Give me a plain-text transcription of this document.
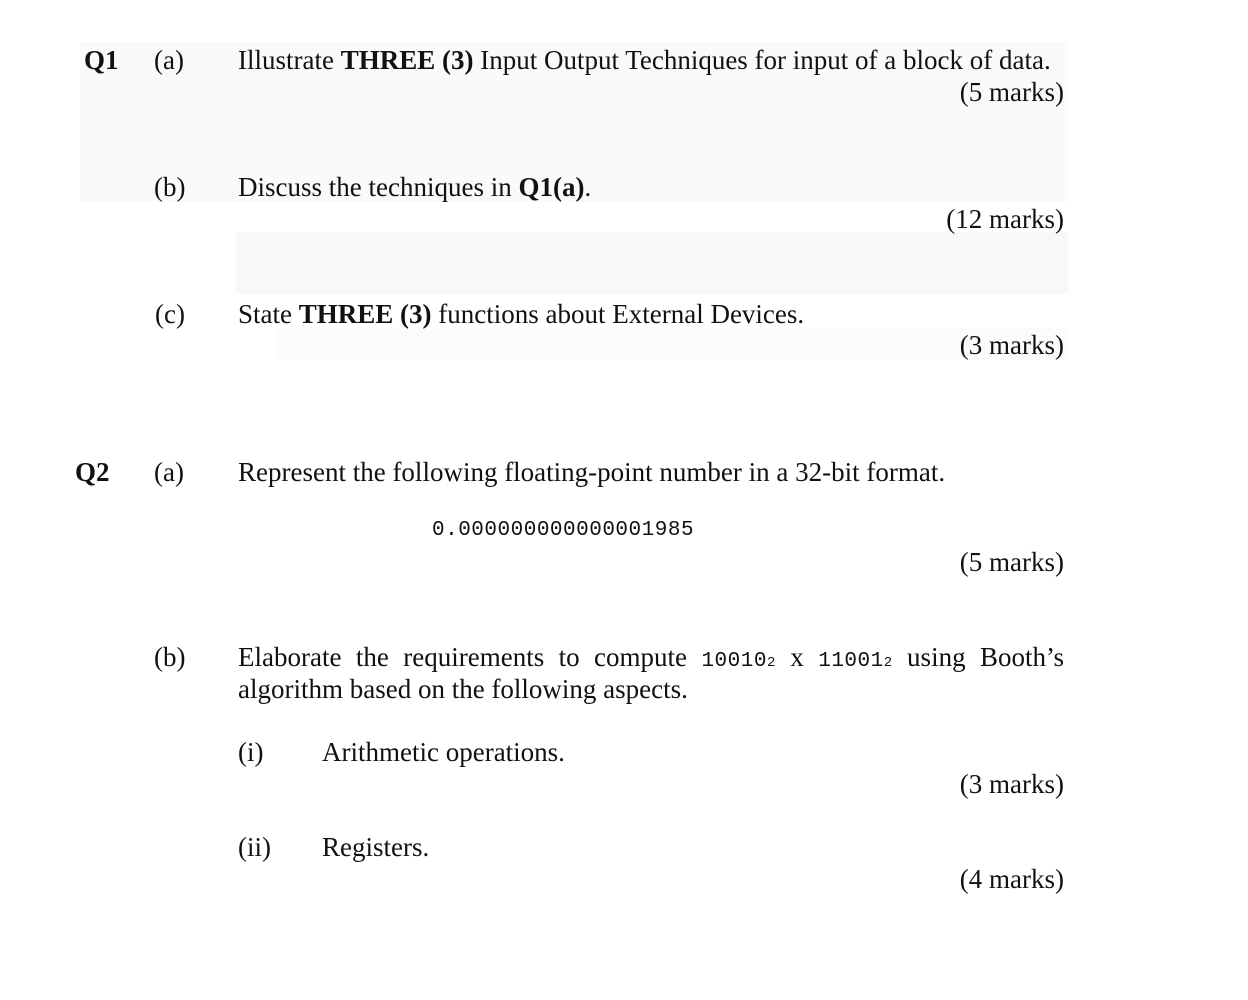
Q1 (a) Illustrate THREE (3) Input Output Techniques for input of a block of data.
(5 marks)
(b) Discuss the techniques in Q1(a).
(12 marks)
(c) State THREE (3) functions about External Devices.
(3 marks)
Q2 (a) Represent the following floating-point number in a 32-bit format.
0.000000000000001985
(5 marks)
(b) Elaborate the requirements to compute 100102 x 110012 using Booth’s
algorithm based on the following aspects.
(i) Arithmetic operations.
(3 marks)
(ii) Registers.
(4 marks)
